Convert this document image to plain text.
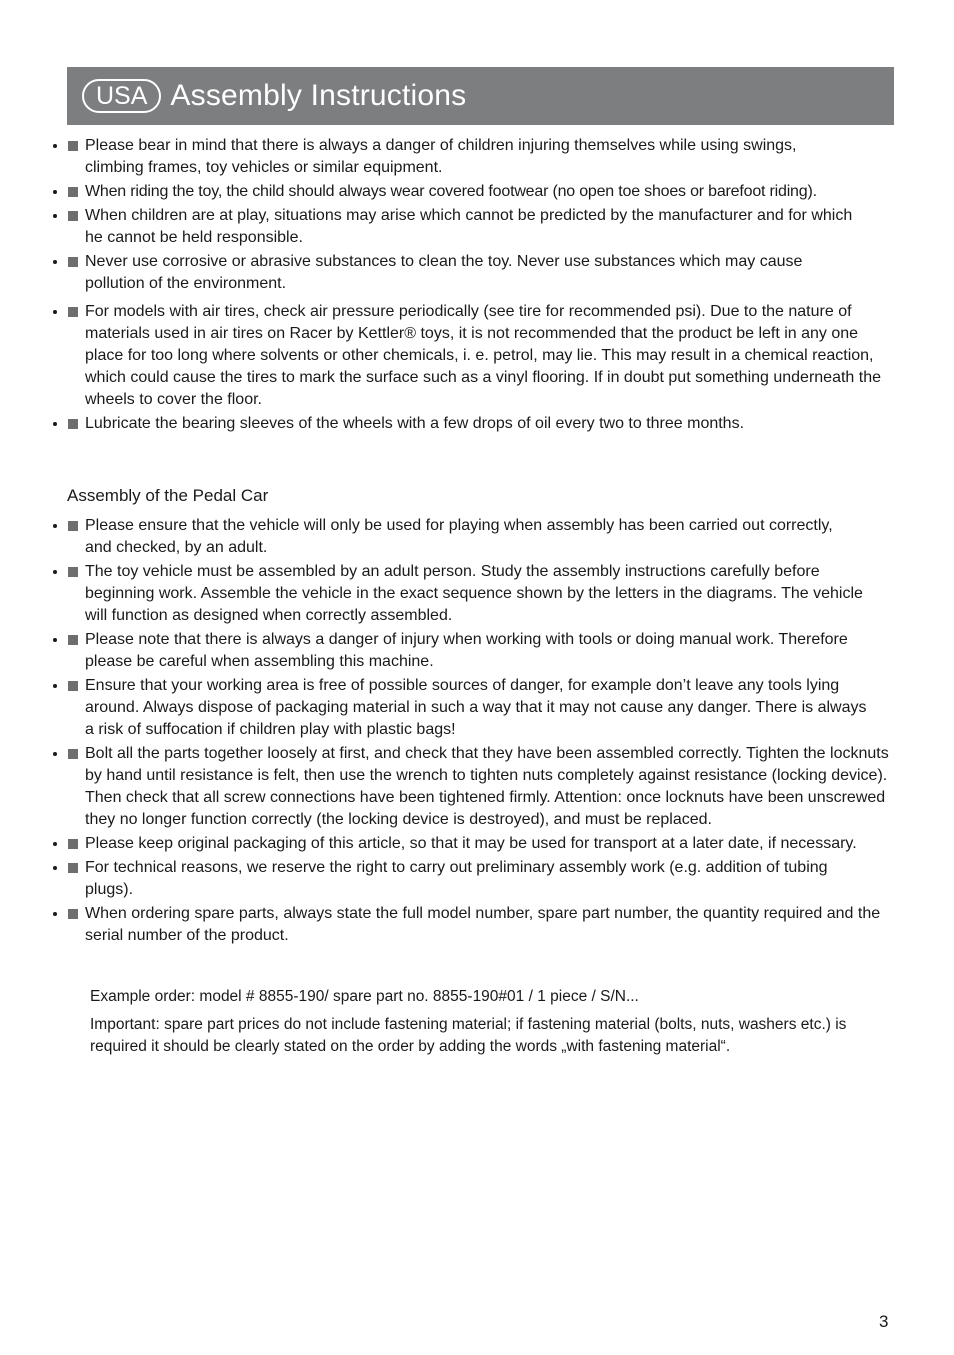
USA Assembly Instructions
• Please bear in mind that there is always a danger of children injuring themselves while using swings, climbing frames, toy vehicles or similar equipment.
• When riding the toy, the child should always wear covered footwear (no open toe shoes or barefoot riding).
• When children are at play, situations may arise which cannot be predicted by the manufacturer and for which he cannot be held responsible.
• Never use corrosive or abrasive substances to clean the toy. Never use substances which may cause pollution of the environment.
• For models with air tires, check air pressure periodically (see tire for recommended psi). Due to the nature of materials used in air tires on Racer by Kettler® toys, it is not recommended that the product be left in any one place for too long where solvents or other chemicals, i. e. petrol, may lie. This may result in a chemical reaction, which could cause the tires to mark the surface such as a vinyl flooring. If in doubt put something underneath the wheels to cover the floor.
• Lubricate the bearing sleeves of the wheels with a few drops of oil every two to three months.
Assembly of the Pedal Car
• Please ensure that the vehicle will only be used for playing when assembly has been carried out correctly, and checked, by an adult.
• The toy vehicle must be assembled by an adult person. Study the assembly instructions carefully before beginning work. Assemble the vehicle in the exact sequence shown by the letters in the diagrams. The vehicle will function as designed when correctly assembled.
• Please note that there is always a danger of injury when working with tools or doing manual work. Therefore please be careful when assembling this machine.
• Ensure that your working area is free of possible sources of danger, for example don’t leave any tools lying around. Always dispose of packaging material in such a way that it may not cause any danger. There is always a risk of suffocation if children play with plastic bags!
• Bolt all the parts together loosely at first, and check that they have been assembled correctly. Tighten the locknuts by hand until resistance is felt, then use the wrench to tighten nuts completely against resistance (locking device). Then check that all screw connections have been tightened firmly. Attention: once locknuts have been unscrewed they no longer function correctly (the locking device is destroyed), and must be replaced.
• Please keep original packaging of this article, so that it may be used for transport at a later date, if necessary.
• For technical reasons, we reserve the right to carry out preliminary assembly work (e.g. addition of tubing plugs).
• When ordering spare parts, always state the full model number, spare part number, the quantity required and the serial number of the product.
Example order: model # 8855-190/ spare part no. 8855-190#01 / 1 piece / S/N...
Important: spare part prices do not include fastening material; if fastening material (bolts, nuts, washers etc.) is required it should be clearly stated on the order by adding the words „with fastening material“.
3
